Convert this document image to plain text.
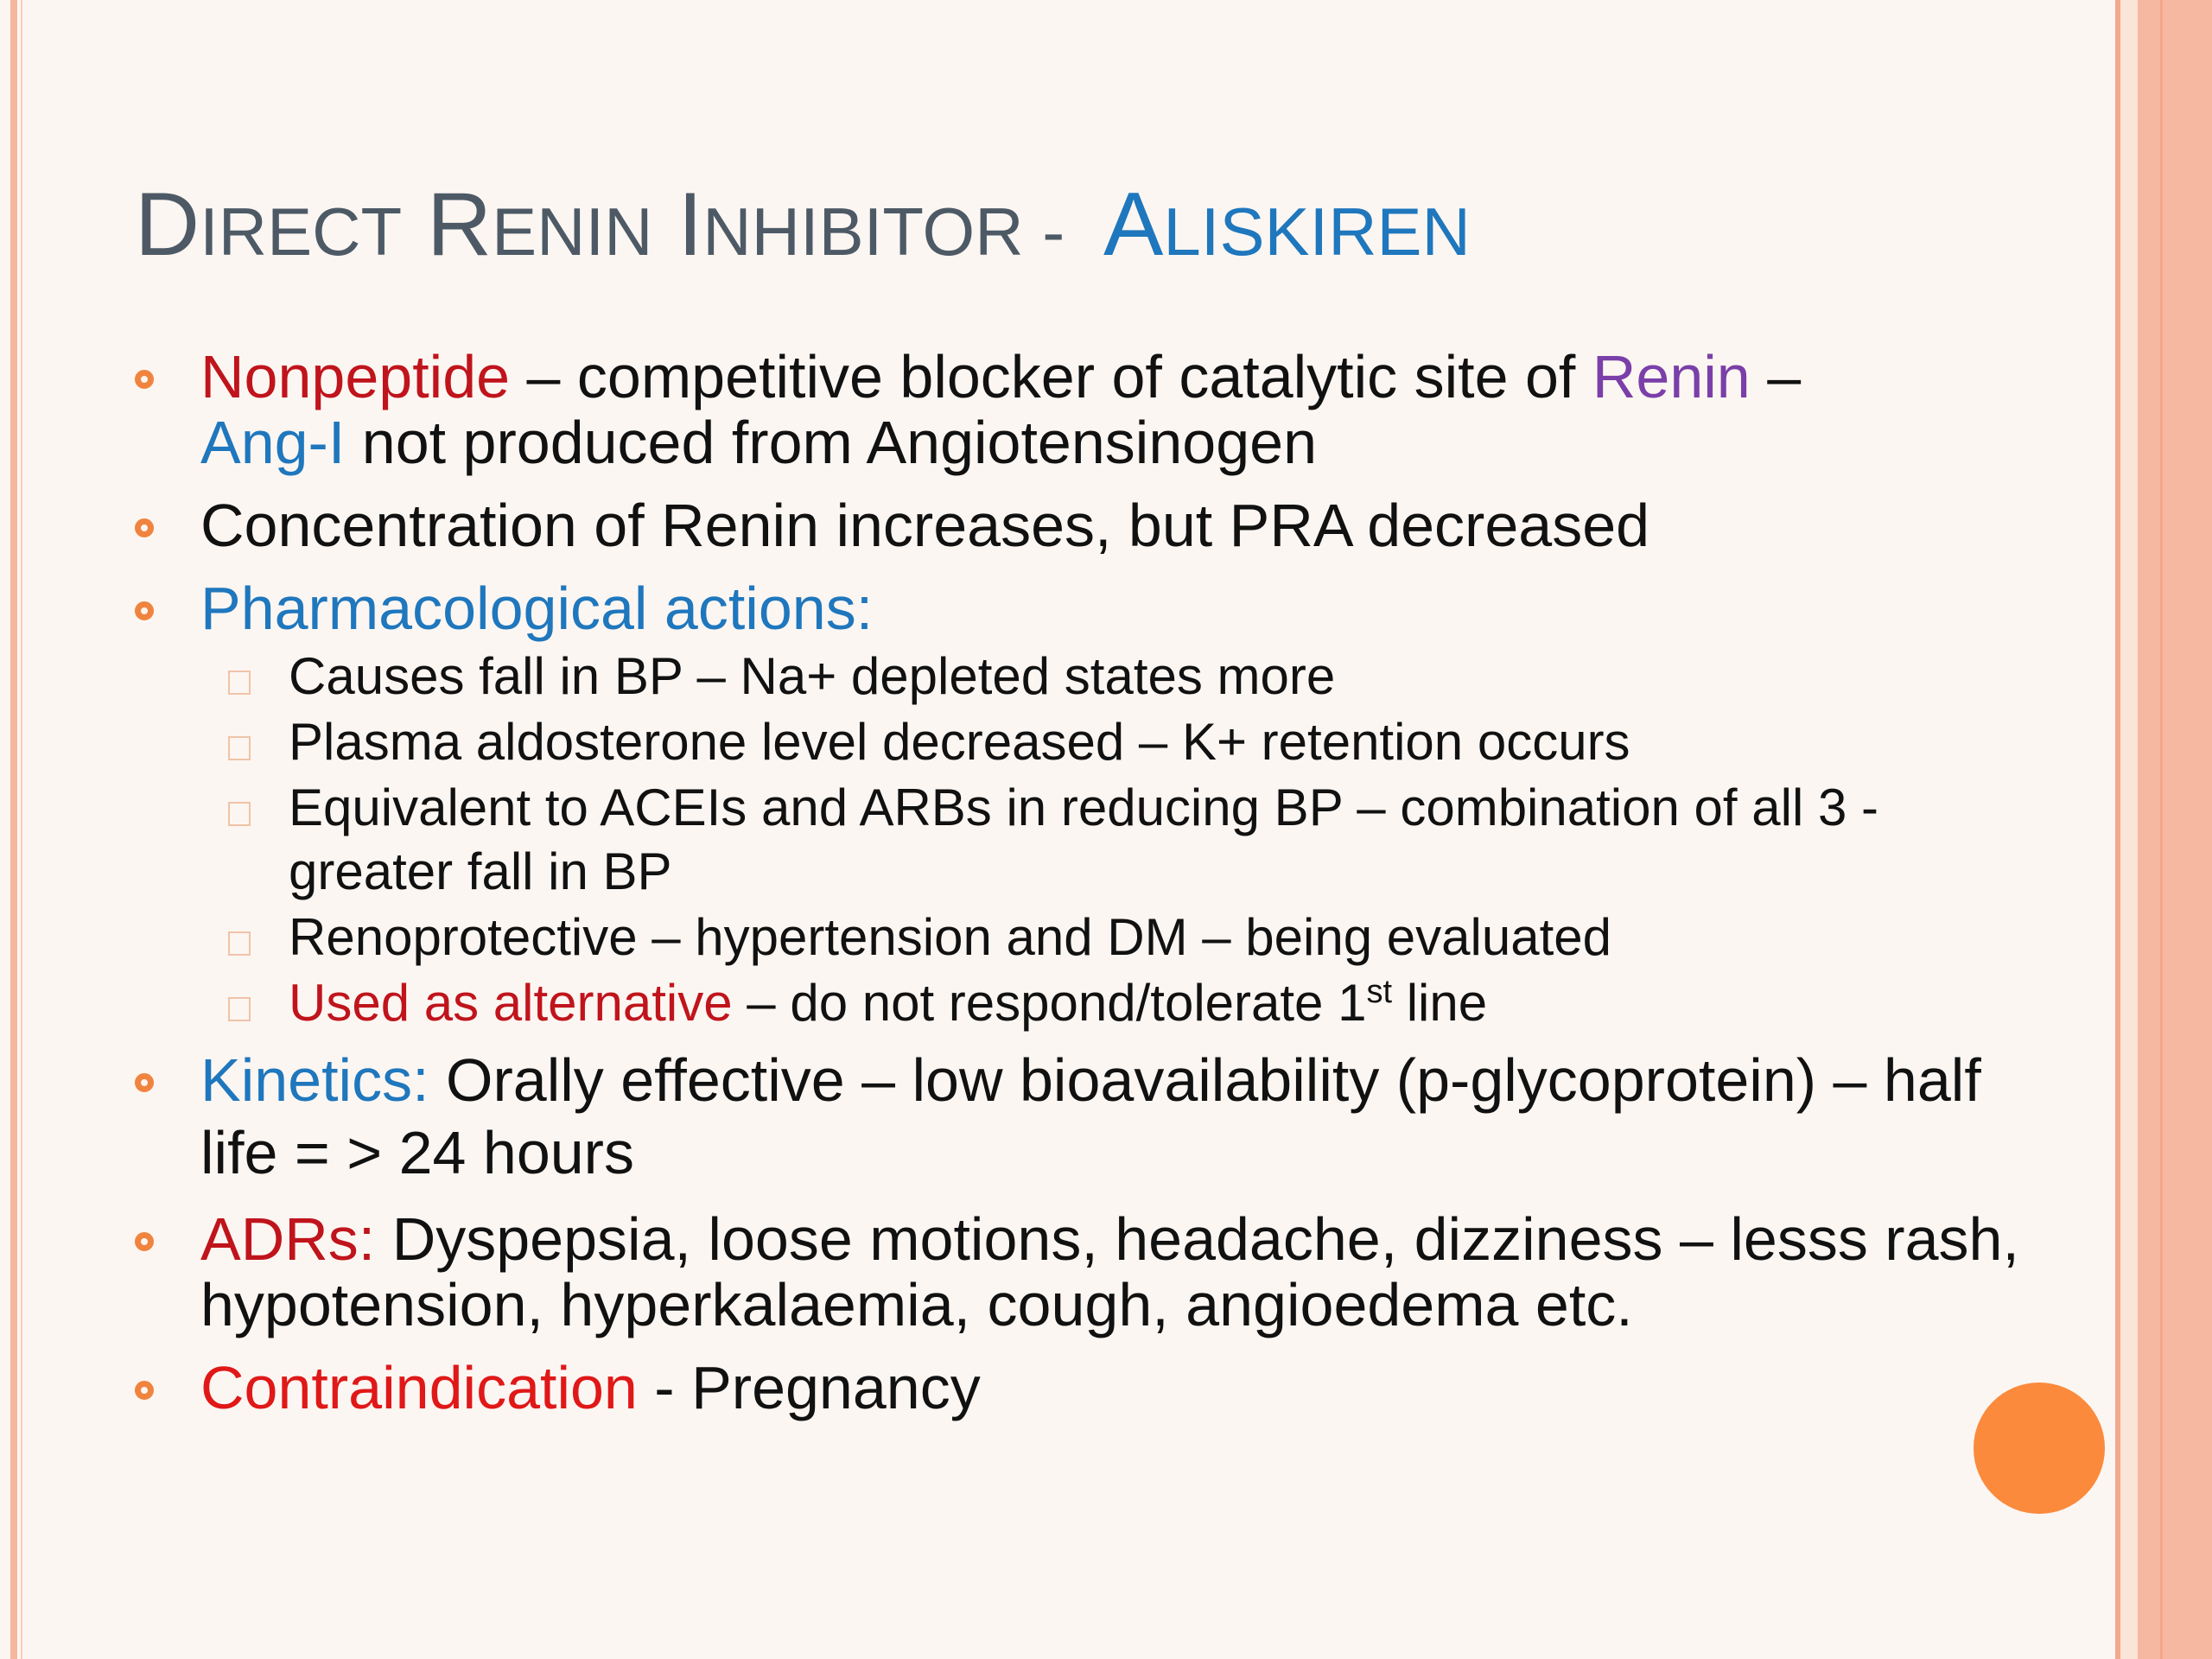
DIRECT RENIN INHIBITOR -  ALISKIREN
Nonpeptide – competitive blocker of catalytic site of Renin –
Ang-I not produced from Angiotensinogen
Concentration of Renin increases, but PRA decreased
Pharmacological actions:
Causes fall in BP – Na+ depleted states more
Plasma aldosterone level decreased – K+ retention occurs
Equivalent to ACEIs and ARBs in reducing BP – combination of all 3 - greater fall in BP
Renoprotective – hypertension and DM – being evaluated
Used as alternative – do not respond/tolerate 1st line
Kinetics: Orally effective – low bioavailability (p-glycoprotein) – half life = > 24 hours
ADRs: Dyspepsia, loose motions, headache, dizziness – lesss rash, hypotension, hyperkalaemia, cough, angioedema etc.
Contraindication - Pregnancy
